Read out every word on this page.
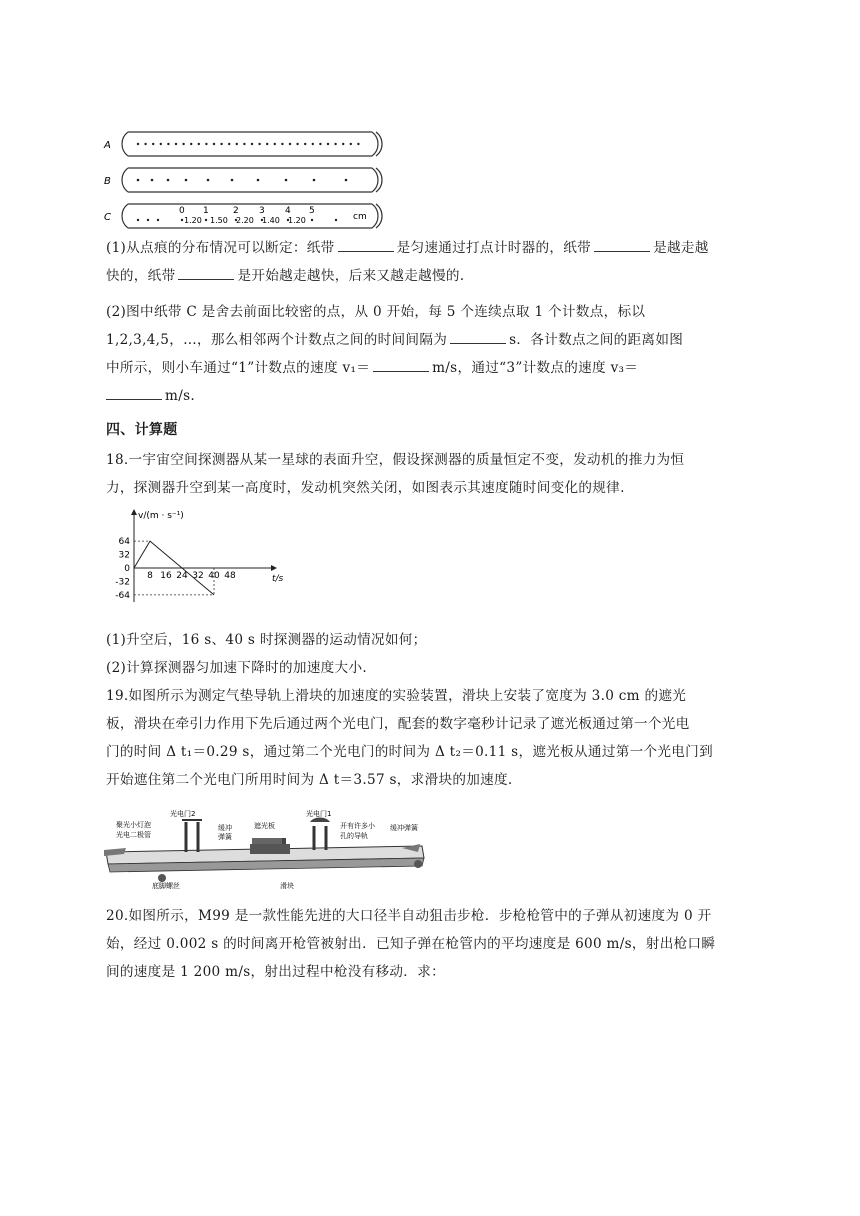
A
B
C
0 1	2 3 4 5
1.20 1.50 2.20 1.40 1.20	cm
(1)从点痕的分布情况可以断定：纸带	是匀速通过打点计时器的，纸带	是越走越
快的，纸带	是开始越走越快，后来又越走越慢的.
(2)图中纸带 C 是舍去前面比较密的点，从 0 开始，每 5 个连续点取 1 个计数点，标以
1,2,3,4,5，…，那么相邻两个计数点之间的时间间隔为	s．各计数点之间的距离如图
中所示，则小车通过“1”计数点的速度 v₁＝	m/s，通过“3”计数点的速度 v₃＝
m/s.
四、计算题
18.一宇宙空间探测器从某一星球的表面升空，假设探测器的质量恒定不变，发动机的推力为恒
力，探测器升空到某一高度时，发动机突然关闭，如图表示其速度随时间变化的规律.
v/(m · s⁻¹)
t/s
64
32
0
-32
-64
8 16 24 32 40 48
(1)升空后，16 s、40 s 时探测器的运动情况如何；
(2)计算探测器匀加速下降时的加速度大小.
19.如图所示为测定气垫导轨上滑块的加速度的实验装置，滑块上安装了宽度为 3.0 cm 的遮光
板，滑块在牵引力作用下先后通过两个光电门，配套的数字毫秒计记录了遮光板通过第一个光电
门的时间 Δ t₁＝0.29 s，通过第二个光电门的时间为 Δ t₂＝0.11 s，遮光板从通过第一个光电门到
开始遮住第二个光电门所用时间为 Δ t＝3.57 s，求滑块的加速度.
聚光小灯泡
光电二极管
光电门2
缓冲
弹簧
遮光板
光电门1
开有许多小
孔的导轨
缓冲弹簧
底脚螺丝	滑块
20.如图所示，M99 是一款性能先进的大口径半自动狙击步枪．步枪枪管中的子弹从初速度为 0 开
始，经过 0.002 s 的时间离开枪管被射出．已知子弹在枪管内的平均速度是 600 m/s，射出枪口瞬
间的速度是 1 200 m/s，射出过程中枪没有移动．求：
